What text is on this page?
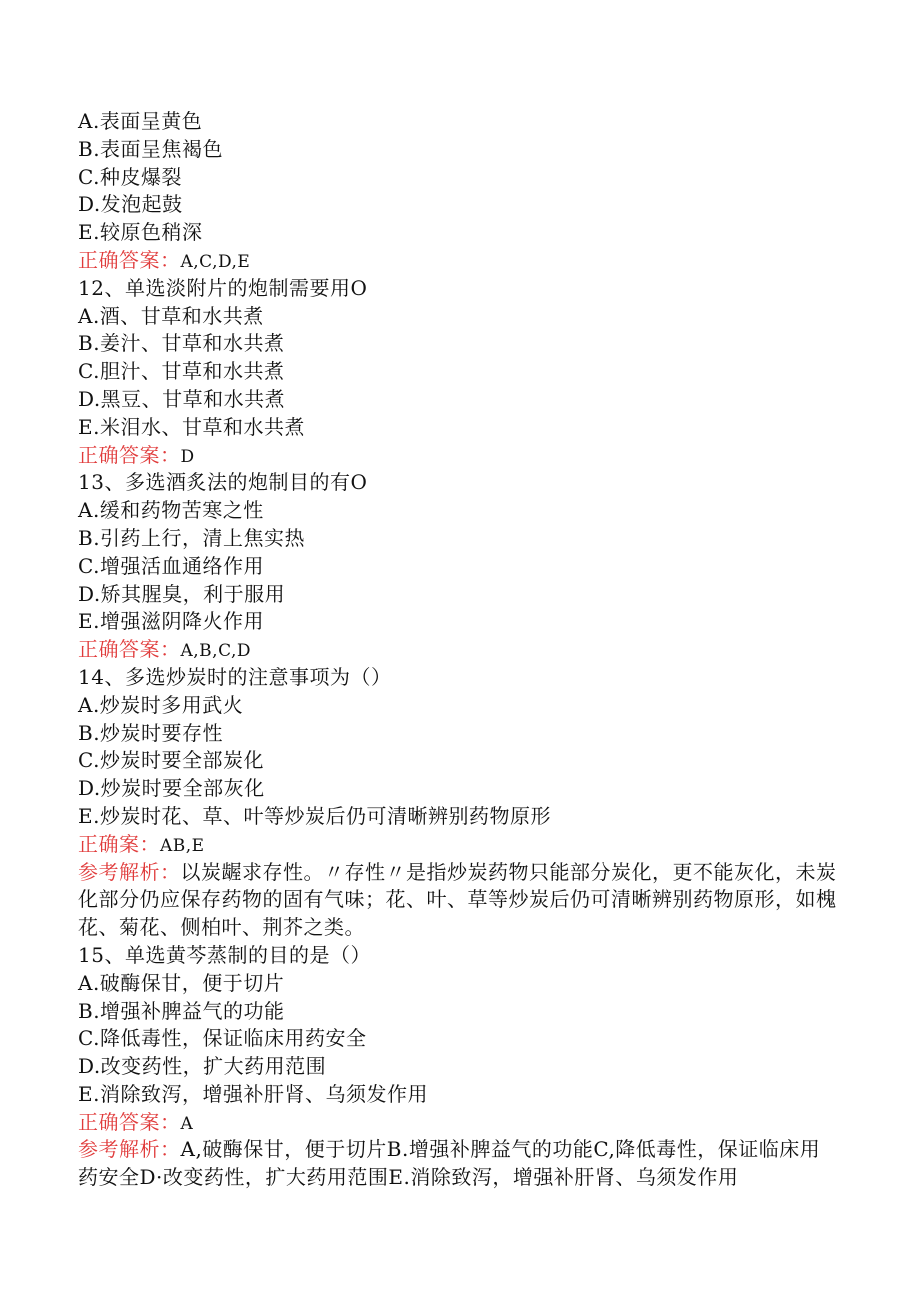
A.表面呈黄色
B.表面呈焦褐色
C.种皮爆裂
D.发泡起鼓
E.较原色稍深
正确答案：A,C,D,E
12、单选淡附片的炮制需要用O
A.酒、甘草和水共煮
B.姜汁、甘草和水共煮
C.胆汁、甘草和水共煮
D.黑豆、甘草和水共煮
E.米泪水、甘草和水共煮
正确答案：D
13、多选酒炙法的炮制目的有O
A.缓和药物苦寒之性
B.引药上行，清上焦实热
C.增强活血通络作用
D.矫其腥臭，利于服用
E.增强滋阴降火作用
正确答案：A,B,C,D
14、多选炒炭时的注意事项为（）
A.炒炭时多用武火
B.炒炭时要存性
C.炒炭时要全部炭化
D.炒炭时要全部灰化
E.炒炭时花、草、叶等炒炭后仍可清晰辨别药物原形
正确案：AB,E
参考解析：以炭龌求存性。〃存性〃是指炒炭药物只能部分炭化，更不能灰化，未炭化部分仍应保存药物的固有气味；花、叶、草等炒炭后仍可清晰辨别药物原形，如槐花、菊花、侧柏叶、荆芥之类。
15、单选黄芩蒸制的目的是（）
A.破酶保甘，便于切片
B.增强补脾益气的功能
C.降低毒性，保证临床用药安全
D.改变药性，扩大药用范围
E.消除致泻，增强补肝肾、乌须发作用
正确答案：A
参考解析：A,破酶保甘，便于切片B.增强补脾益气的功能C,降低毒性，保证临床用药安全D·改变药性，扩大药用范围E.消除致泻，增强补肝肾、乌须发作用
